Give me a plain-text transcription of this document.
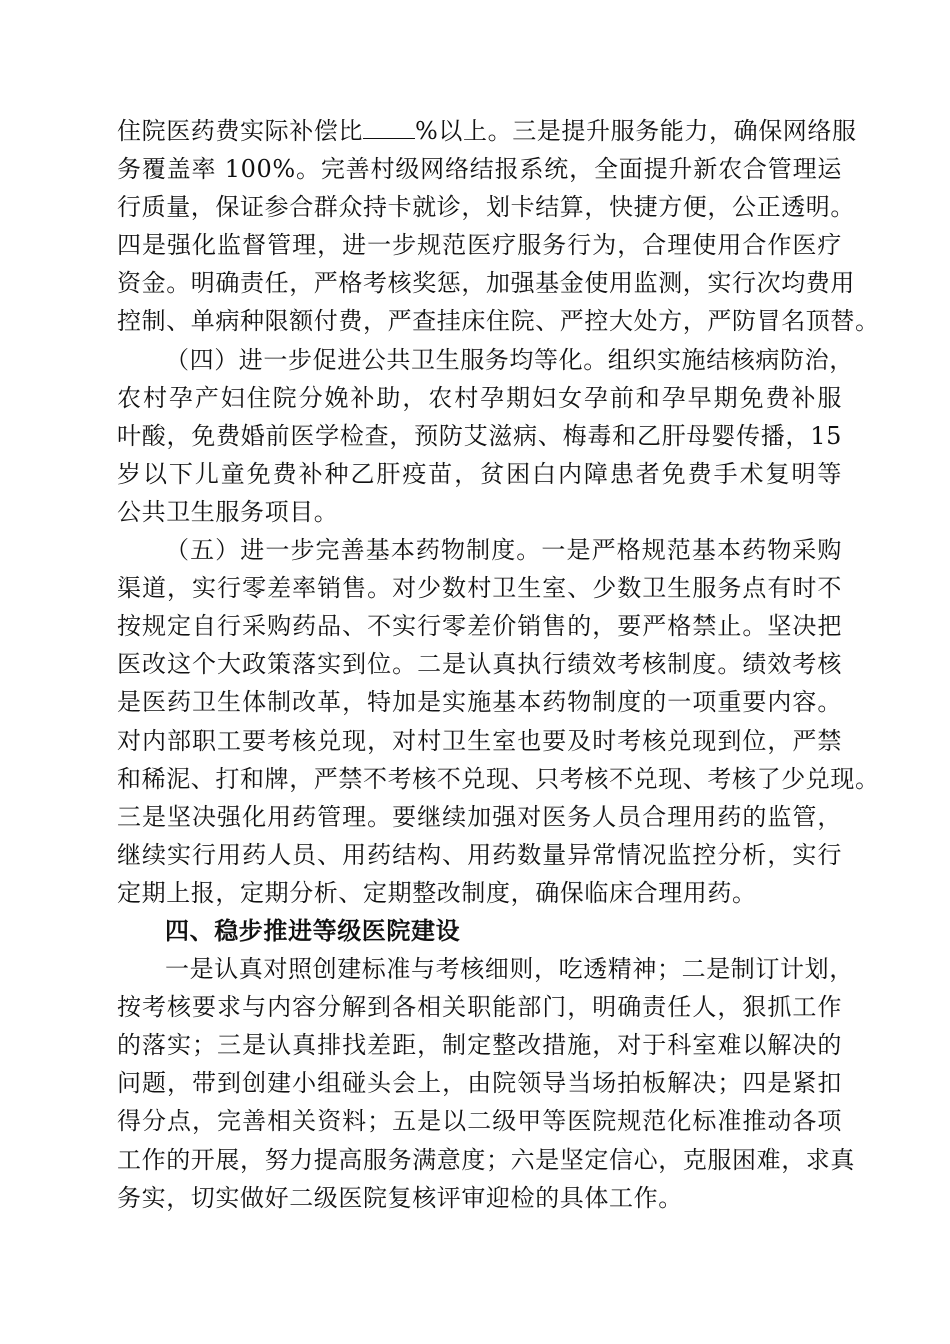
住院医药费实际补偿比 %以上。三是提升服务能力，确保网络服
务覆盖率 100%。完善村级网络结报系统，全面提升新农合管理运
行质量，保证参合群众持卡就诊，划卡结算，快捷方便，公正透明。
四是强化监督管理，进一步规范医疗服务行为，合理使用合作医疗
资金。明确责任，严格考核奖惩，加强基金使用监测，实行次均费用
控制、单病种限额付费，严查挂床住院、严控大处方，严防冒名顶替。
（四）进一步促进公共卫生服务均等化。组织实施结核病防治，
农村孕产妇住院分娩补助，农村孕期妇女孕前和孕早期免费补服
叶酸，免费婚前医学检查，预防艾滋病、梅毒和乙肝母婴传播，15
岁以下儿童免费补种乙肝疫苗，贫困白内障患者免费手术复明等
公共卫生服务项目。
（五）进一步完善基本药物制度。一是严格规范基本药物采购
渠道，实行零差率销售。对少数村卫生室、少数卫生服务点有时不
按规定自行采购药品、不实行零差价销售的，要严格禁止。坚决把
医改这个大政策落实到位。二是认真执行绩效考核制度。绩效考核
是医药卫生体制改革，特加是实施基本药物制度的一项重要内容。
对内部职工要考核兑现，对村卫生室也要及时考核兑现到位，严禁
和稀泥、打和牌，严禁不考核不兑现、只考核不兑现、考核了少兑现。
三是坚决强化用药管理。要继续加强对医务人员合理用药的监管，
继续实行用药人员、用药结构、用药数量异常情况监控分析，实行
定期上报，定期分析、定期整改制度，确保临床合理用药。
四、稳步推进等级医院建设
一是认真对照创建标准与考核细则，吃透精神；二是制订计划，
按考核要求与内容分解到各相关职能部门，明确责任人，狠抓工作
的落实；三是认真排找差距，制定整改措施，对于科室难以解决的
问题，带到创建小组碰头会上，由院领导当场拍板解决；四是紧扣
得分点，完善相关资料；五是以二级甲等医院规范化标准推动各项
工作的开展，努力提高服务满意度；六是坚定信心，克服困难，求真
务实，切实做好二级医院复核评审迎检的具体工作。
